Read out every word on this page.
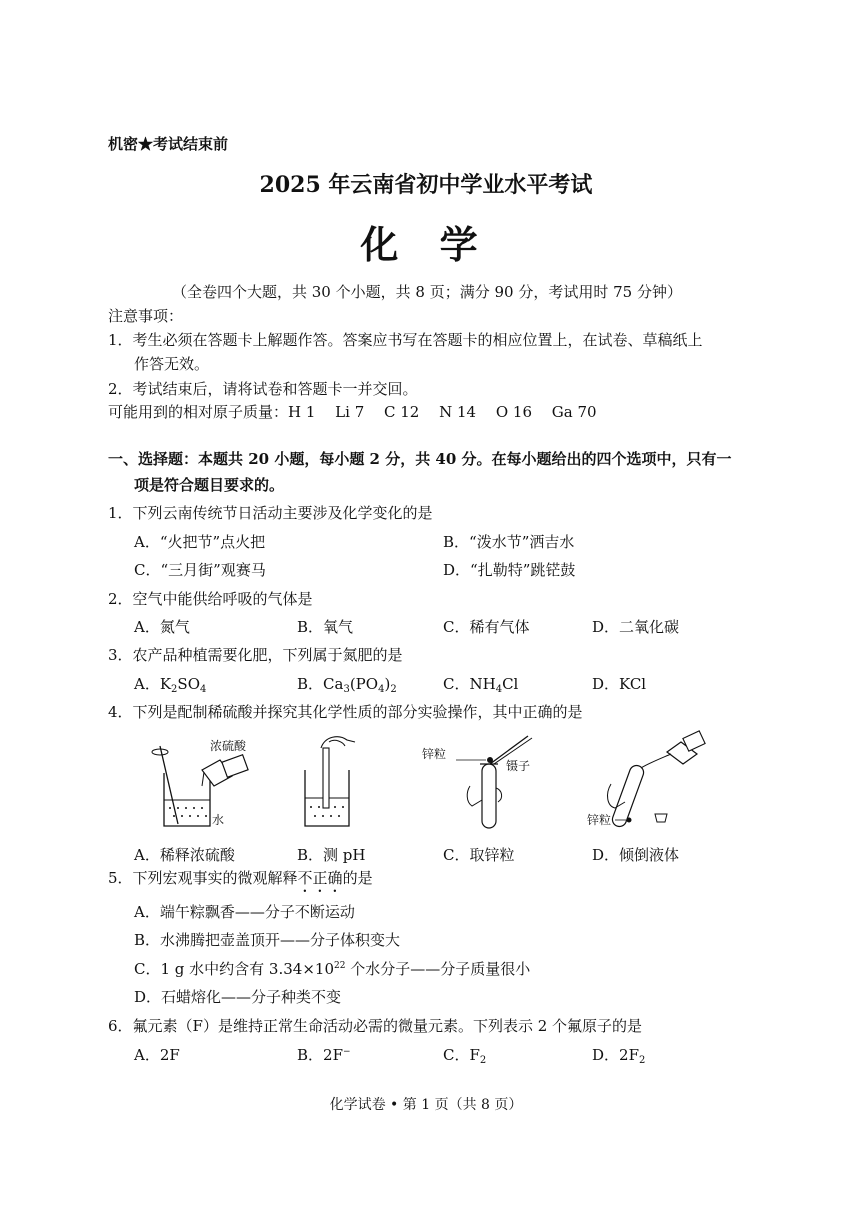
机密★考试结束前
2025 年云南省初中学业水平考试
化 学
（全卷四个大题，共 30 个小题，共 8 页；满分 90 分，考试用时 75 分钟）
注意事项：
1．考生必须在答题卡上解题作答。答案应书写在答题卡的相应位置上，在试卷、草稿纸上
作答无效。
2．考试结束后，请将试卷和答题卡一并交回。
可能用到的相对原子质量：H 1　 Li 7　 C 12　 N 14　 O 16　 Ga 70
一、选择题：本题共 20 小题，每小题 2 分，共 40 分。在每小题给出的四个选项中，只有一
项是符合题目要求的。
1．下列云南传统节日活动主要涉及化学变化的是
A．“火把节”点火把	B．“泼水节”洒吉水
C．“三月街”观赛马	D．“扎勒特”跳铓鼓
2．空气中能供给呼吸的气体是
A．氮气	B．氧气	C．稀有气体	D．二氧化碳
3．农产品种植需要化肥，下列属于氮肥的是
A．$K_2SO_4$	B．$Ca_3(PO_4)_2$	C．$NH_4Cl$	D．KCl
4．下列是配制稀硫酸并探究其化学性质的部分实验操作，其中正确的是
浓硫酸
水
锌粒
镊子
锌粒
A．稀释浓硫酸	B．测 pH	C．取锌粒	D．倾倒液体
5．下列宏观事实的微观解释不正确的是
A．端午粽飘香——分子不断运动
B．水沸腾把壶盖顶开——分子体积变大
C．1 g 水中约含有 $3.34\times 10^{22}$ 个水分子——分子质量很小
D．石蜡熔化——分子种类不变
6．氟元素（F）是维持正常生命活动必需的微量元素。下列表示 2 个氟原子的是
A．2F	B．2F−	C．$F_2$	D．$2F_2$
化学试卷 • 第 1 页（共 8 页）
